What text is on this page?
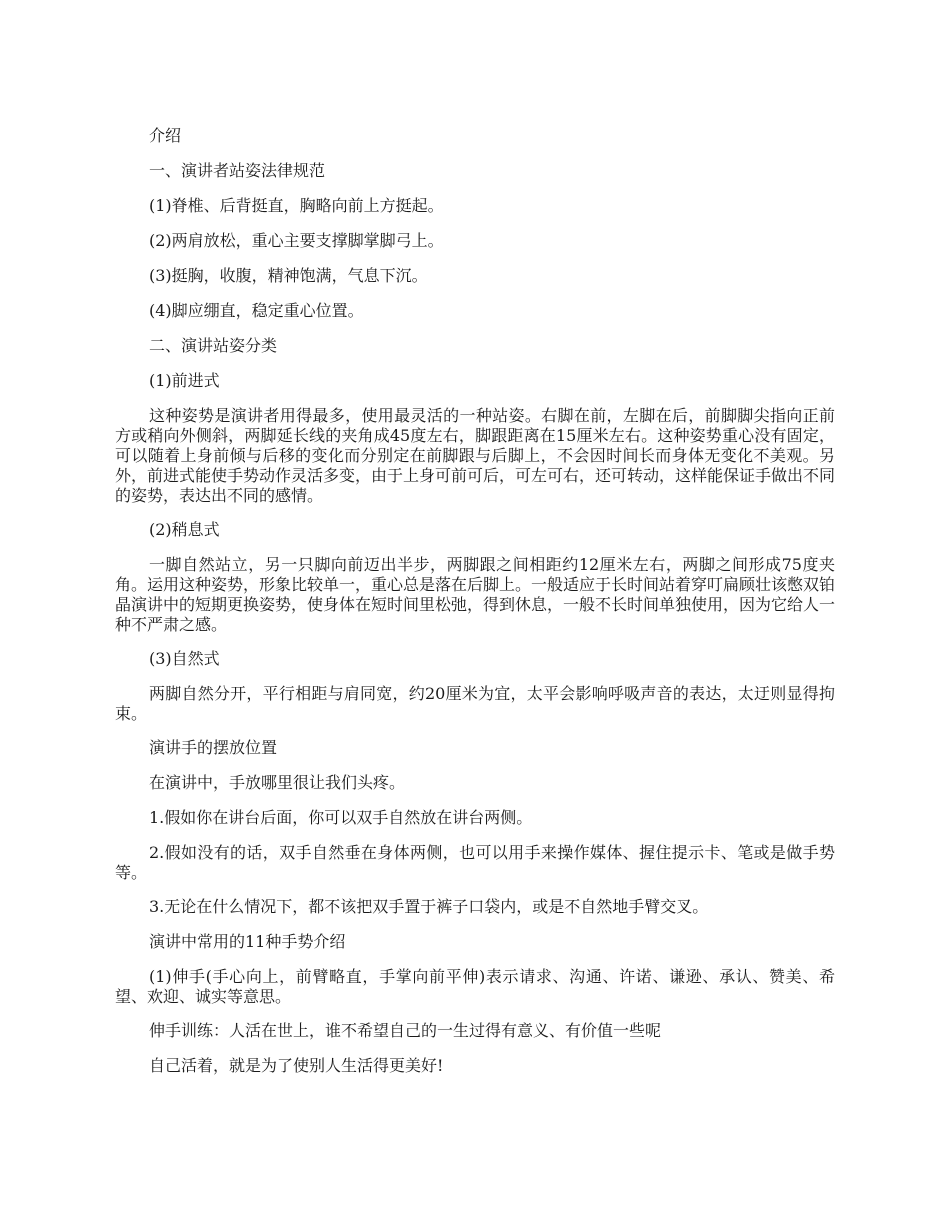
介绍

一、演讲者站姿法律规范

(1)脊椎、后背挺直，胸略向前上方挺起。

(2)两肩放松，重心主要支撑脚掌脚弓上。

(3)挺胸，收腹，精神饱满，气息下沉。

(4)脚应绷直，稳定重心位置。

二、演讲站姿分类

(1)前进式

这种姿势是演讲者用得最多，使用最灵活的一种站姿。右脚在前，左脚在后，前脚脚尖指向正前方或稍向外侧斜，两脚延长线的夹角成45度左右，脚跟距离在15厘米左右。这种姿势重心没有固定，可以随着上身前倾与后移的变化而分别定在前脚跟与后脚上，不会因时间长而身体无变化不美观。另外，前进式能使手势动作灵活多变，由于上身可前可后，可左可右，还可转动，这样能保证手做出不同的姿势，表达出不同的感情。

(2)稍息式

一脚自然站立，另一只脚向前迈出半步，两脚跟之间相距约12厘米左右，两脚之间形成75度夹角。运用这种姿势，形象比较单一，重心总是落在后脚上。一般适应于长时间站着穿叮扁顾壮该憋双铂晶演讲中的短期更换姿势，使身体在短时间里松弛，得到休息，一般不长时间单独使用，因为它给人一种不严肃之感。

(3)自然式

两脚自然分开，平行相距与肩同宽，约20厘米为宜，太平会影响呼吸声音的表达，太迂则显得拘束。

演讲手的摆放位置

在演讲中，手放哪里很让我们头疼。

1.假如你在讲台后面，你可以双手自然放在讲台两侧。

2.假如没有的话，双手自然垂在身体两侧，也可以用手来操作媒体、握住提示卡、笔或是做手势等。

3.无论在什么情况下，都不该把双手置于裤子口袋内，或是不自然地手臂交叉。

演讲中常用的11种手势介绍

(1)伸手(手心向上，前臂略直，手掌向前平伸)表示请求、沟通、许诺、谦逊、承认、赞美、希望、欢迎、诚实等意思。

伸手训练：人活在世上，谁不希望自己的一生过得有意义、有价值一些呢

自己活着，就是为了使别人生活得更美好!
